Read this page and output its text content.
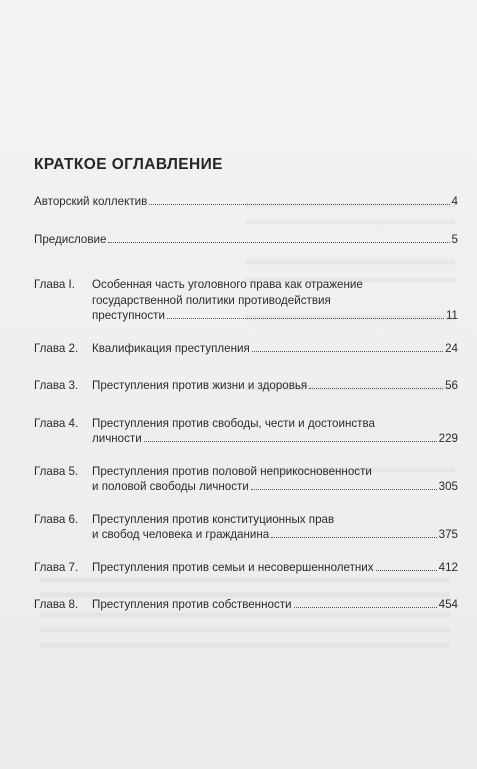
КРАТКОЕ ОГЛАВЛЕНИЕ
Авторский коллектив	4
Предисловие	5
Глава I.	Особенная часть уголовного права как отражение
государственной политики противодействия
преступности	11
Глава 2.	Квалификация преступления	24
Глава 3.	Преступления против жизни и здоровья	56
Глава 4.	Преступления против свободы, чести и достоинства
личности	229
Глава 5.	Преступления против половой неприкосновенности
и половой свободы личности	305
Глава 6.	Преступления против конституционных прав
и свобод человека и гражданина	375
Глава 7.	Преступления против семьи и несовершеннолетних	412
Глава 8.	Преступления против собственности	454
